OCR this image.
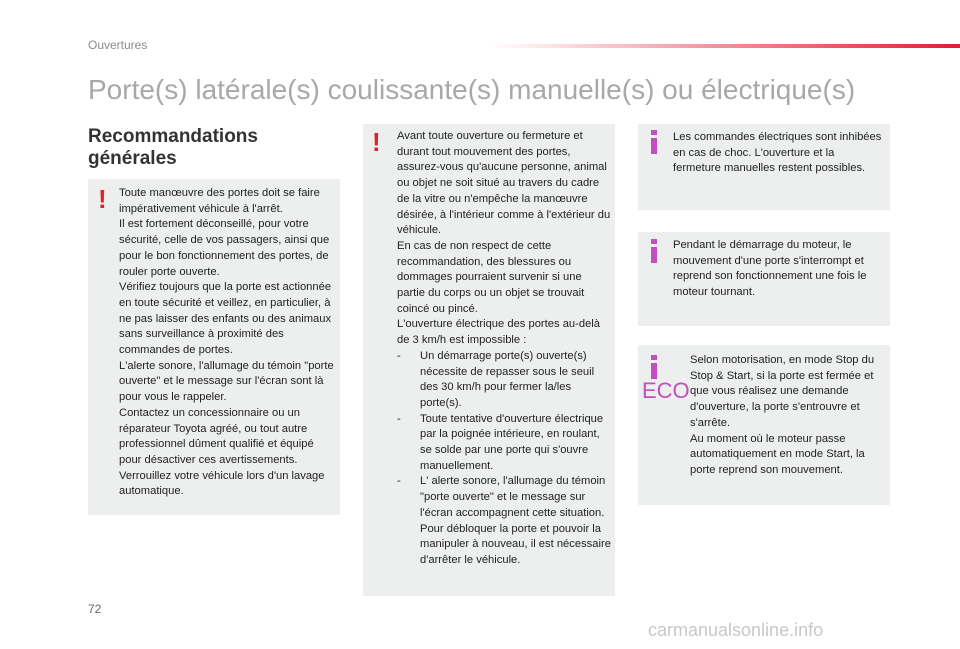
Ouvertures
Porte(s) latérale(s) coulissante(s) manuelle(s) ou électrique(s)
Recommandations générales
! Toute manœuvre des portes doit se faire impérativement véhicule à l'arrêt.

Il est fortement déconseillé, pour votre sécurité, celle de vos passagers, ainsi que pour le bon fonctionnement des portes, de rouler porte ouverte.

Vérifiez toujours que la porte est actionnée en toute sécurité et veillez, en particulier, à ne pas laisser des enfants ou des animaux sans surveillance à proximité des commandes de portes.

L'alerte sonore, l'allumage du témoin "porte ouverte" et le message sur l'écran sont là pour vous le rappeler.

Contactez un concessionnaire ou un réparateur Toyota agréé, ou tout autre professionnel dûment qualifié et équipé pour désactiver ces avertissements.

Verrouillez votre véhicule lors d'un lavage automatique.

! Avant toute ouverture ou fermeture et durant tout mouvement des portes, assurez-vous qu'aucune personne, animal ou objet ne soit situé au travers du cadre de la vitre ou n'empêche la manœuvre désirée, à l'intérieur comme à l'extérieur du véhicule.

En cas de non respect de cette recommandation, des blessures ou dommages pourraient survenir si une partie du corps ou un objet se trouvait coincé ou pincé.

L'ouverture électrique des portes au-delà de 3 km/h est impossible :

- Un démarrage porte(s) ouverte(s) nécessite de repasser sous le seuil des 30 km/h pour fermer la/les porte(s).
- Toute tentative d'ouverture électrique par la poignée intérieure, en roulant, se solde par une porte qui s'ouvre manuellement.
- L' alerte sonore, l'allumage du témoin "porte ouverte" et le message sur l'écran accompagnent cette situation. Pour débloquer la porte et pouvoir la manipuler à nouveau, il est nécessaire d'arrêter le véhicule.
Les commandes électriques sont inhibées en cas de choc. L'ouverture et la fermeture manuelles restent possibles.
Pendant le démarrage du moteur, le mouvement d'une porte s'interrompt et reprend son fonctionnement une fois le moteur tournant.
ECO

Selon motorisation, en mode Stop du Stop & Start, si la porte est fermée et que vous réalisez une demande d'ouverture, la porte s'entrouvre et s'arrête.

Au moment où le moteur passe automatiquement en mode Start, la porte reprend son mouvement.

72
carmanualsonline.info
